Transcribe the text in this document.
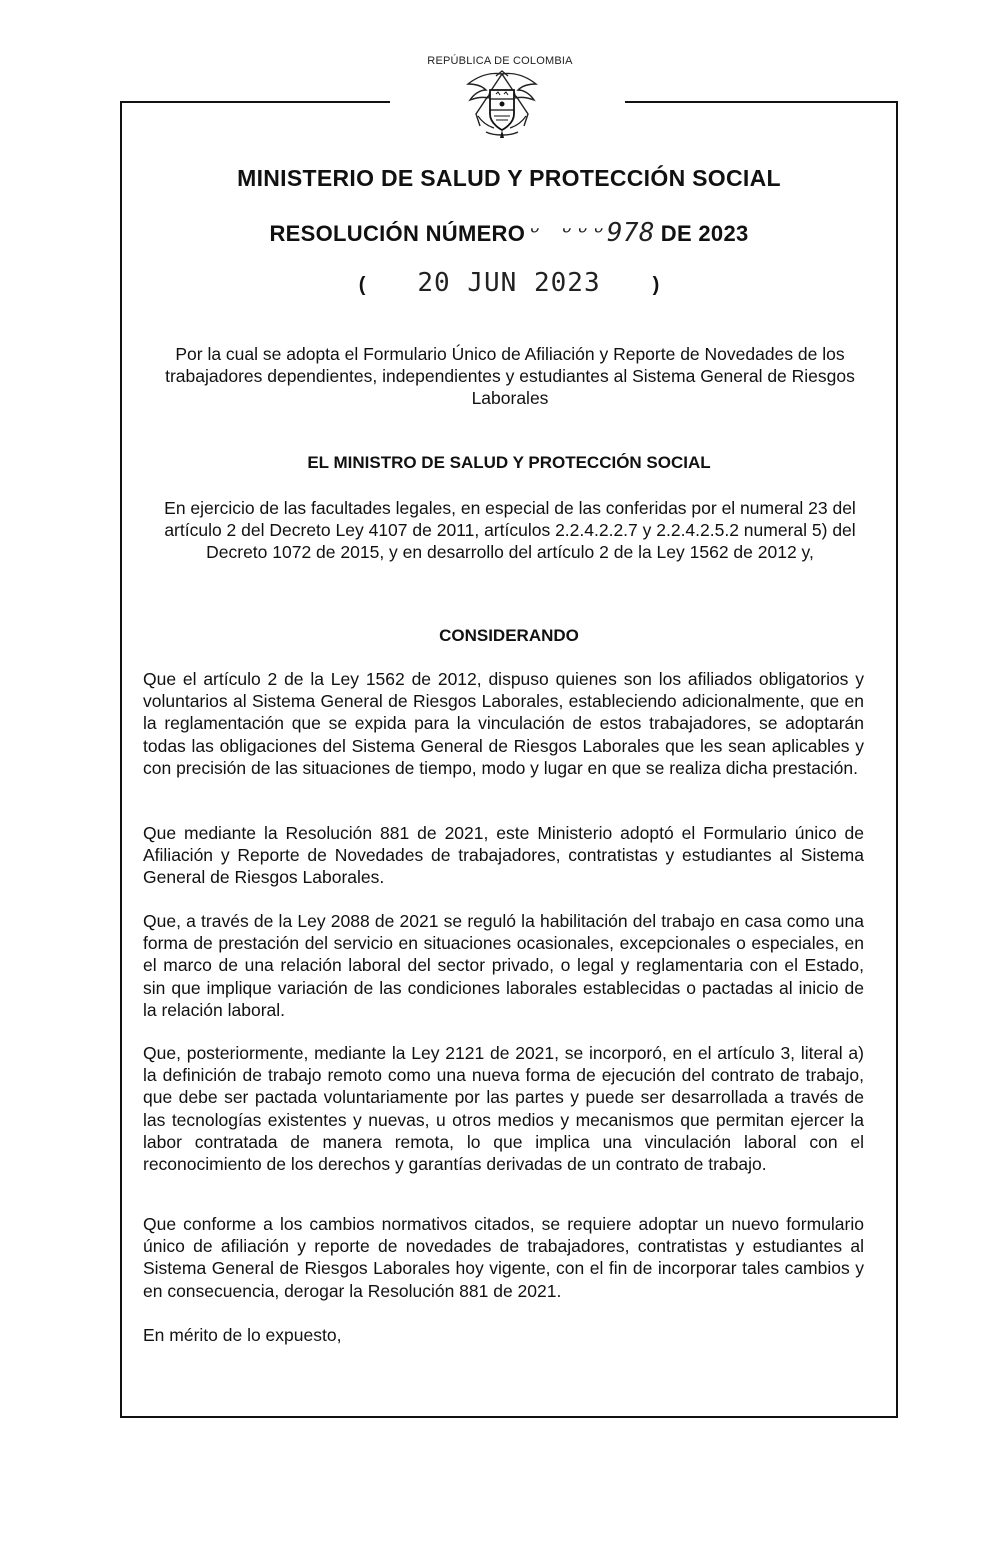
REPÚBLICA DE COLOMBIA
MINISTERIO DE SALUD Y PROTECCIÓN SOCIAL
RESOLUCIÓN NÚMEROᵕ ᵕᵕᵕ978 DE 2023
( 20 JUN 2023	)
Por la cual se adopta el Formulario Único de Afiliación y Reporte de Novedades de los trabajadores dependientes, independientes y estudiantes al Sistema General de Riesgos Laborales
EL MINISTRO DE SALUD Y PROTECCIÓN SOCIAL
En ejercicio de las facultades legales, en especial de las conferidas por el numeral 23 del artículo 2 del Decreto Ley 4107 de 2011, artículos 2.2.4.2.2.7 y 2.2.4.2.5.2 numeral 5) del Decreto 1072 de 2015, y en desarrollo del artículo 2 de la Ley 1562 de 2012 y,
CONSIDERANDO
Que el artículo 2 de la Ley 1562 de 2012, dispuso quienes son los afiliados obligatorios y voluntarios al Sistema General de Riesgos Laborales, estableciendo adicionalmente, que en la reglamentación que se expida para la vinculación de estos trabajadores, se adoptarán todas las obligaciones del Sistema General de Riesgos Laborales que les sean aplicables y con precisión de las situaciones de tiempo, modo y lugar en que se realiza dicha prestación.
Que mediante la Resolución 881 de 2021, este Ministerio adoptó el Formulario único de Afiliación y Reporte de Novedades de trabajadores, contratistas y estudiantes al Sistema General de Riesgos Laborales.
Que, a través de la Ley 2088 de 2021 se reguló la habilitación del trabajo en casa como una forma de prestación del servicio en situaciones ocasionales, excepcionales o especiales, en el marco de una relación laboral del sector privado, o legal y reglamentaria con el Estado, sin que implique variación de las condiciones laborales establecidas o pactadas al inicio de la relación laboral.
Que, posteriormente, mediante la Ley 2121 de 2021, se incorporó, en el artículo 3, literal a) la definición de trabajo remoto como una nueva forma de ejecución del contrato de trabajo, que debe ser pactada voluntariamente por las partes y puede ser desarrollada a través de las tecnologías existentes y nuevas, u otros medios y mecanismos que permitan ejercer la labor contratada de manera remota, lo que implica una vinculación laboral con el reconocimiento de los derechos y garantías derivadas de un contrato de trabajo.
Que conforme a los cambios normativos citados, se requiere adoptar un nuevo formulario único de afiliación y reporte de novedades de trabajadores, contratistas y estudiantes al Sistema General de Riesgos Laborales hoy vigente, con el fin de incorporar tales cambios y en consecuencia, derogar la Resolución 881 de 2021.
En mérito de lo expuesto,
